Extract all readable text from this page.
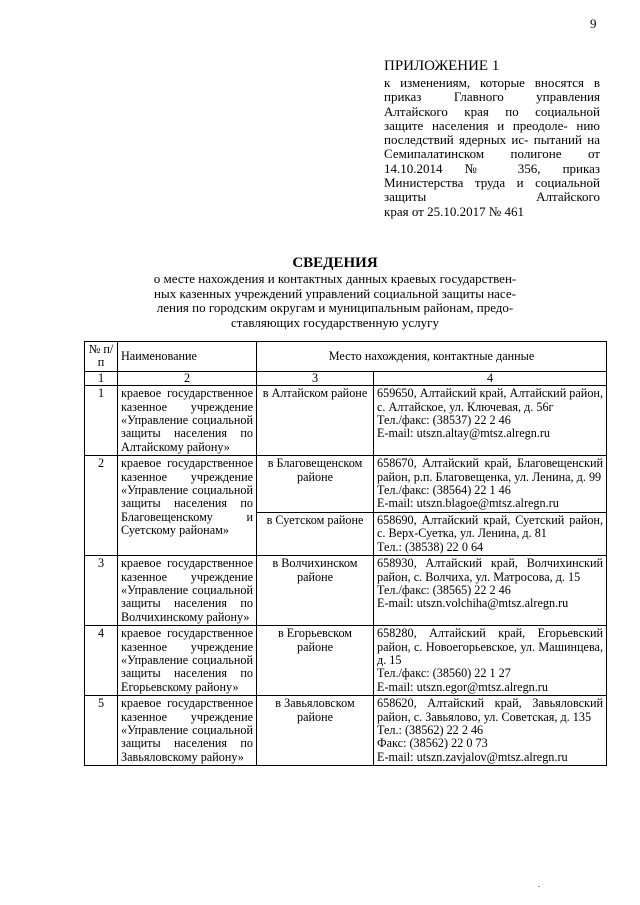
9
ПРИЛОЖЕНИЕ 1
к изменениям, которые вносятся в приказ Главного управления Алтайского края по социальной защите населения и преодоле- нию последствий ядерных ис- пытаний на Семипалатинском полигоне от 14.10.2014 № 356, приказ Министерства труда и социальной защиты Алтайского
края от 25.10.2017 № 461
СВЕДЕНИЯ
о месте нахождения и контактных данных краевых государствен-
ных казенных учреждений управлений социальной защиты насе-
ления по городским округам и муниципальным районам, предо-
ставляющих государственную услугу
№ п/п	Наименование	Место нахождения, контактные данные	
1	2	3	4
1	краевое государственное казенное учреждение «Управление социальной защиты населения по Алтайскому району»	в Алтайском районе	659650, Алтайский край, Алтайский район, с. Алтайское, ул. Ключевая, д. 56г
Тел./факс: (38537) 22 2 46
E-mail: utszn.altay@mtsz.alregn.ru

2	краевое государственное казенное учреждение «Управление социальной защиты населения по Благовещенскому и Суетскому районам»	в Благовещенском районе	658670, Алтайский край, Благовещенский район, р.п. Благовещенка, ул. Ленина, д. 99
Тел./факс: (38564) 22 1 46
E-mail: utszn.blagoe@mtsz.alregn.ru

		в Суетском районе	658690, Алтайский край, Суетский район, с. Верх-Суетка, ул. Ленина, д. 81
Тел.: (38538) 22 0 64

3	краевое государственное казенное учреждение «Управление социальной защиты населения по Волчихинскому району»	в Волчихинском районе	658930, Алтайский край, Волчихинский район, с. Волчиха, ул. Матросова, д. 15
Тел./факс: (38565) 22 2 46
E-mail: utszn.volchiha@mtsz.alregn.ru

4	краевое государственное казенное учреждение «Управление социальной защиты населения по Егорьевскому району»	в Егорьевском районе	658280, Алтайский край, Егорьевский район, с. Новоегорьевское, ул. Машинцева, д. 15
Тел./факс: (38560) 22 1 27
E-mail: utszn.egor@mtsz.alregn.ru

5	краевое государственное казенное учреждение «Управление социальной защиты населения по Завьяловскому району»	в Завьяловском районе	658620, Алтайский край, Завьяловский район, с. Завьялово, ул. Советская, д. 135
Тел.: (38562) 22 2 46
Факс: (38562) 22 0 73
E-mail: utszn.zavjalov@mtsz.alregn.ru
